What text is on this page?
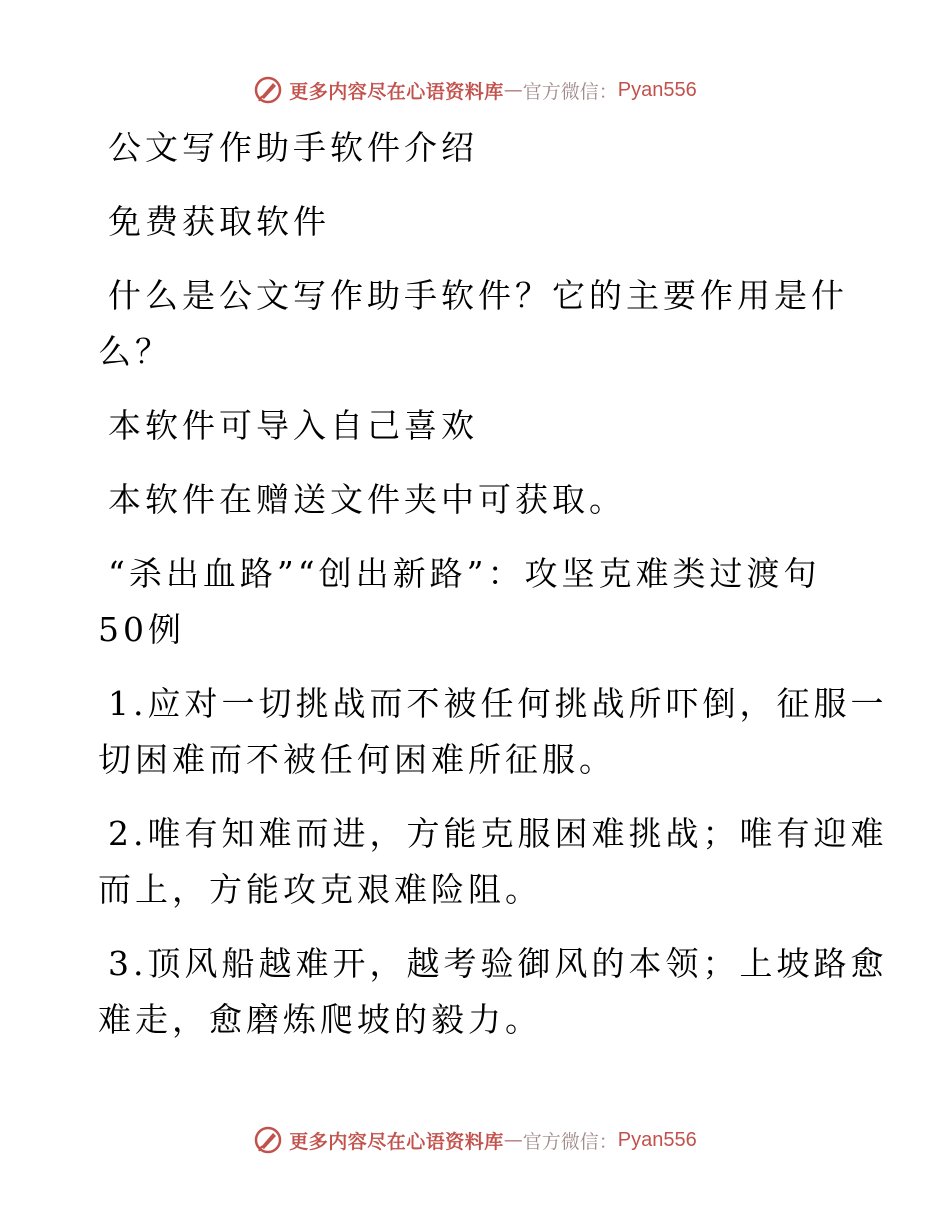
更多内容尽在心语资料库 — 官方微信： Pyan556

公文写作助手软件介绍

免费获取软件

什么是公文写作助手软件？它的主要作用是什

么？

本软件可导入自己喜欢

本软件在赠送文件夹中可获取。

“杀出血路”“创出新路”：攻坚克难类过渡句

50例

1.应对一切挑战而不被任何挑战所吓倒，征服一

切困难而不被任何困难所征服。

2.唯有知难而进，方能克服困难挑战；唯有迎难

而上，方能攻克艰难险阻。

3.顶风船越难开，越考验御风的本领；上坡路愈

难走，愈磨炼爬坡的毅力。

更多内容尽在心语资料库 — 官方微信： Pyan556
